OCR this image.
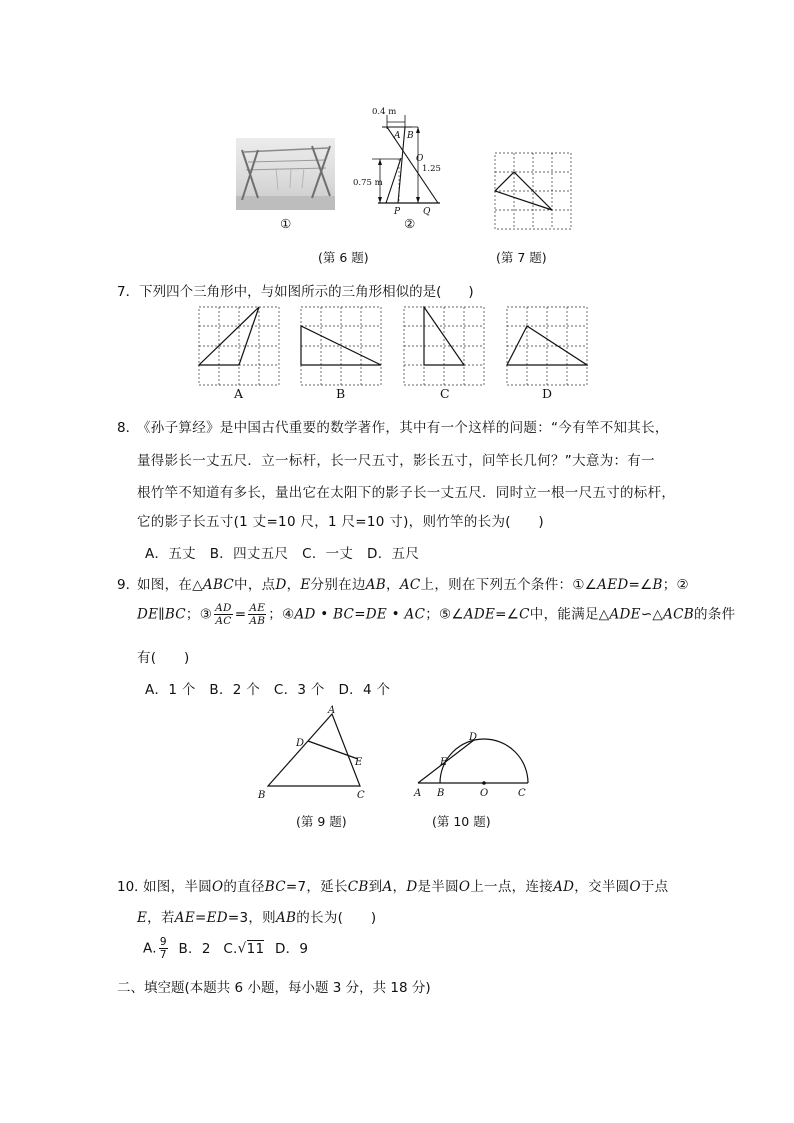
①
0.4 m
A B
O
0.75 m
1.25
P	Q
②
(第 6 题)	(第 7 题)
7．下列四个三角形中，与如图所示的三角形相似的是(　　)
A	B	C	D
8．
《孙子算经》是中国古代重要的数学著作，其中有一个这样的问题：“今有竿不知其长，
量得影长一丈五尺．立一标杆，长一尺五寸，影长五寸，问竿长几何？”大意为：有一
根竹竿不知道有多长，量出它在太阳下的影子长一丈五尺．同时立一根一尺五寸的标杆，
它的影子长五寸(1 丈=10 尺，1 尺=10 寸)，则竹竿的长为(　　)
A．五丈　B．四丈五尺　C．一丈　D．五尺
9．
如图，在△ABC中，点D，E分别在边AB，AC上，则在下列五个条件：①∠AED=∠B；②
DE∥BC；③ $\frac{AD}{AC} = \frac{AE}{AB}$ ；④AD • BC=DE • AC；⑤∠ADE=∠C中，能满足△ADE∽△ACB的条件
有(　　)
A．1 个　B．2 个　C．3 个　D．4 个
A
D
E
B	C
D
E
A B	O	C
(第 9 题)	(第 10 题)
10．
如图，半圆O的直径BC=7，延长CB到A，D是半圆O上一点，连接AD，交半圆O于点
E，若AE=ED=3，则AB的长为(　　)
A. $\frac{9}{7}$ B．2 C.√11 D．9
二、填空题(本题共 6 小题，每小题 3 分，共 18 分)
